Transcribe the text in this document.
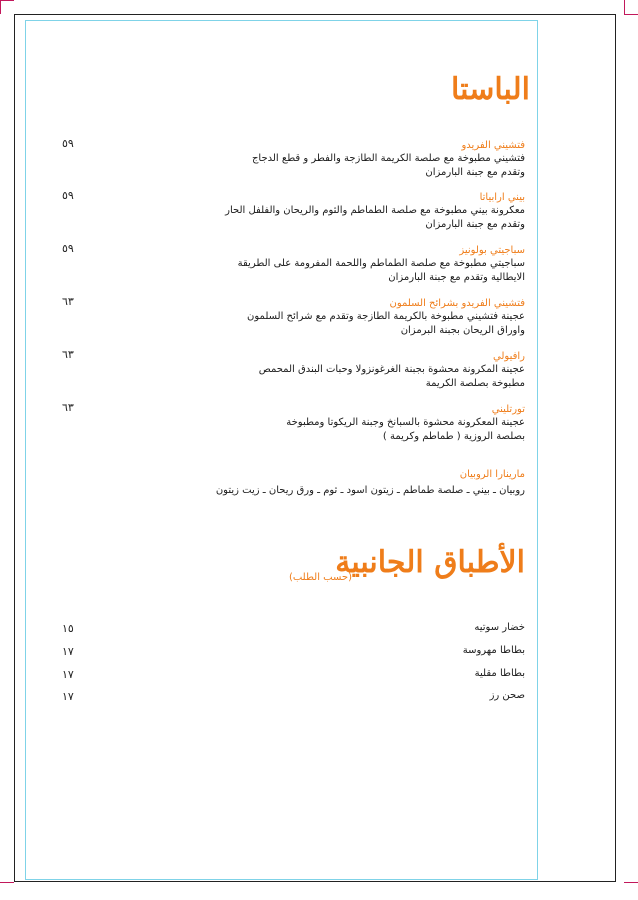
الباستا
فتشيني الفريدو
فتشيني مطبوخة مع صلصة الكريمة الطازجة والفطر و قطع الدجاج
وتقدم مع جبنة البارمزان
٥٩
بيني ارابياتا
معكرونة بيني مطبوخة مع صلصة الطماطم والثوم والريحان والفلفل الحار
وتقدم مع جبنة البارمزان
٥٩
سباجيتي بولونيز
سباجيتي مطبوخة مع صلصة الطماطم واللحمة المفرومة على الطريقة
الايطالية وتقدم مع جبنة البارمزان
٥٩
فتشيني الفريدو بشرائح السلمون
عجينة فتشيني مطبوخة بالكريمة الطازجة وتقدم مع شرائح السلمون
واوراق الريحان بجبنة البرمزان
٦٣
رافيولي
عجينة المكرونة محشوة بجبنة الغرغونزولا وحبات البندق المحمص
مطبوخة بصلصة الكريمة
٦٣
تورتليني
عجينة المعكرونة محشوة بالسبانخ وجبنة الريكوتا ومطبوخة
بصلصة الروزية ( طماطم وكريمة )
٦٣
مارينارا الروبيان
روبيان ـ بيني ـ صلصة طماطم ـ زيتون اسود ـ ثوم ـ ورق ريحان ـ زيت زيتون
الأطباق الجانبية
(حسب الطلب)
خضار سوتيه
١٥
بطاطا مهروسة
١٧
بطاطا مقلية
١٧
صحن رز
١٧
